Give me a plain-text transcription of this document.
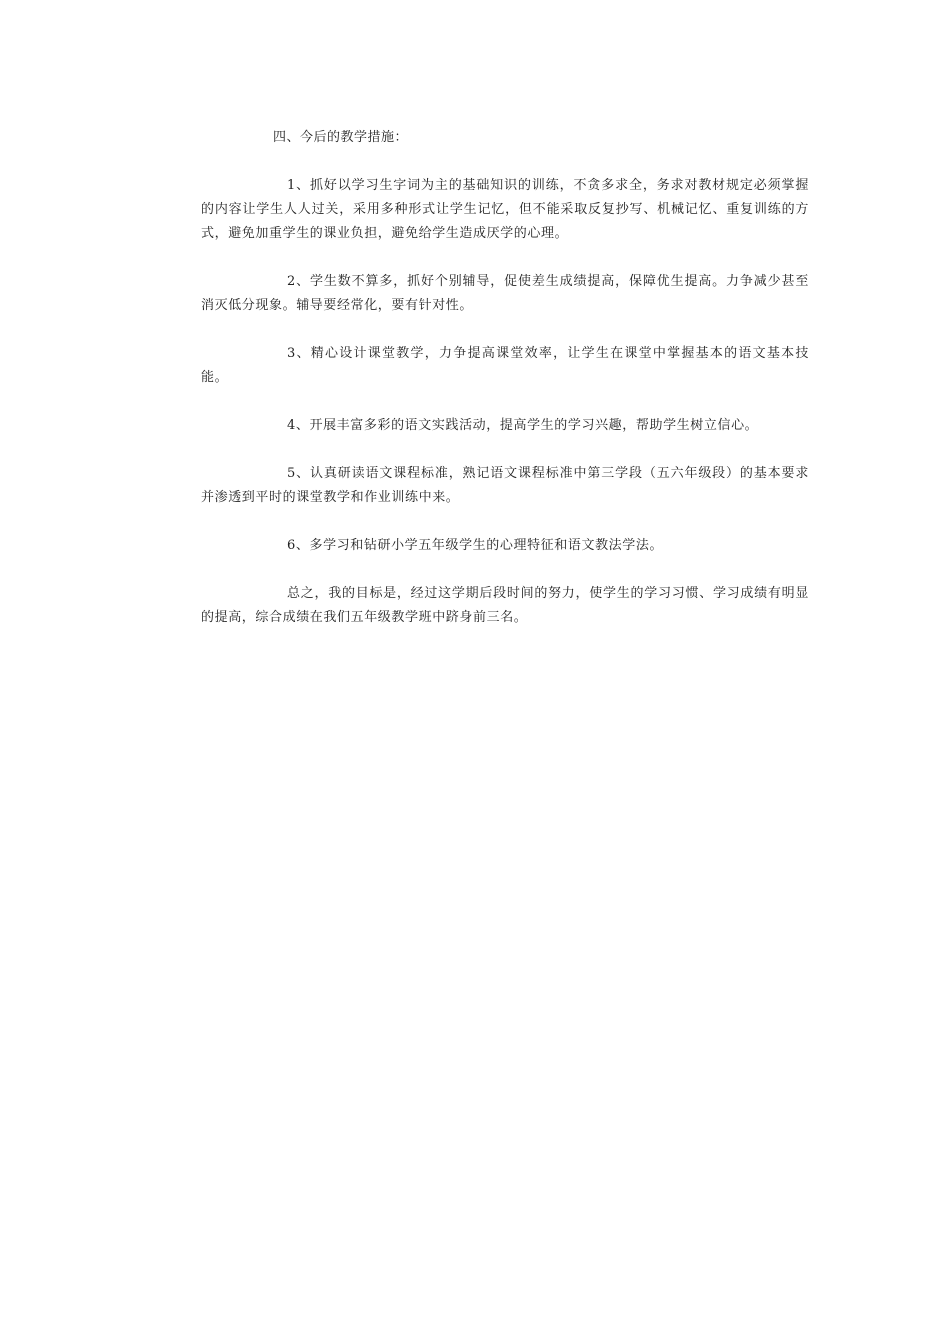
四、今后的教学措施：

1、抓好以学习生字词为主的基础知识的训练，不贪多求全，务求对教材规定必须掌握的内容让学生人人过关，采用多种形式让学生记忆，但不能采取反复抄写、机械记忆、重复训练的方式，避免加重学生的课业负担，避免给学生造成厌学的心理。

2、学生数不算多，抓好个别辅导，促使差生成绩提高，保障优生提高。力争减少甚至消灭低分现象。辅导要经常化，要有针对性。

3、精心设计课堂教学，力争提高课堂效率，让学生在课堂中掌握基本的语文基本技能。

4、开展丰富多彩的语文实践活动，提高学生的学习兴趣，帮助学生树立信心。

5、认真研读语文课程标准，熟记语文课程标准中第三学段（五六年级段）的基本要求并渗透到平时的课堂教学和作业训练中来。

6、多学习和钻研小学五年级学生的心理特征和语文教法学法。

总之，我的目标是，经过这学期后段时间的努力，使学生的学习习惯、学习成绩有明显的提高，综合成绩在我们五年级教学班中跻身前三名。
